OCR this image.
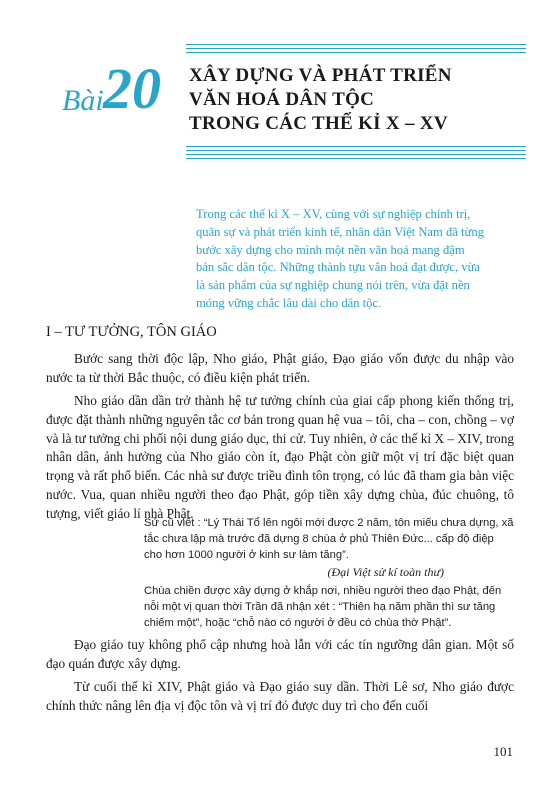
Bài 20 XÂY DỰNG VÀ PHÁT TRIỂN
VĂN HOÁ DÂN TỘC
TRONG CÁC THẾ KỈ X – XV
Trong các thế kỉ X – XV, cùng với sự nghiệp chính trị,
quân sự và phát triển kinh tế, nhân dân Việt Nam đã từng
bước xây dựng cho mình một nền văn hoá mang đậm
bản sắc dân tộc. Những thành tựu văn hoá đạt được, vừa
là sản phẩm của sự nghiệp chung nói trên, vừa đặt nền
móng vững chắc lâu dài cho dân tộc.
I – TƯ TƯỞNG, TÔN GIÁO

Bước sang thời độc lập, Nho giáo, Phật giáo, Đạo giáo vốn được du nhập vào nước ta từ thời Bắc thuộc, có điều kiện phát triển.

Nho giáo dần dần trở thành hệ tư tưởng chính của giai cấp phong kiến thống trị, được đặt thành những nguyên tắc cơ bản trong quan hệ vua – tôi, cha – con, chồng – vợ và là tư tưởng chi phối nội dung giáo dục, thi cử. Tuy nhiên, ở các thế kỉ X – XIV, trong nhân dân, ảnh hưởng của Nho giáo còn ít, đạo Phật còn giữ một vị trí đặc biệt quan trọng và rất phổ biến. Các nhà sư được triều đình tôn trọng, có lúc đã tham gia bàn việc nước. Vua, quan nhiều người theo đạo Phật, góp tiền xây dựng chùa, đúc chuông, tô tượng, viết giáo lí nhà Phật.

Sử cũ viết : “Lý Thái Tổ lên ngôi mới được 2 năm, tôn miếu chưa dựng, xã tắc chưa lập mà trước đã dựng 8 chùa ở phủ Thiên Đức... cấp độ điệp cho hơn 1000 người ở kinh sư làm tăng”.
(Đại Việt sử kí toàn thư)
Chùa chiền được xây dựng ở khắp nơi, nhiều người theo đạo Phật, đến nỗi một vị quan thời Trần đã nhận xét : “Thiên hạ năm phần thì sư tăng chiếm một”, hoặc “chỗ nào có người ở đều có chùa thờ Phật”.

Đạo giáo tuy không phổ cập nhưng hoà lẫn với các tín ngưỡng dân gian. Một số đạo quán được xây dựng.

Từ cuối thế kỉ XIV, Phật giáo và Đạo giáo suy dần. Thời Lê sơ, Nho giáo được chính thức nâng lên địa vị độc tôn và vị trí đó được duy trì cho đến cuối

101
